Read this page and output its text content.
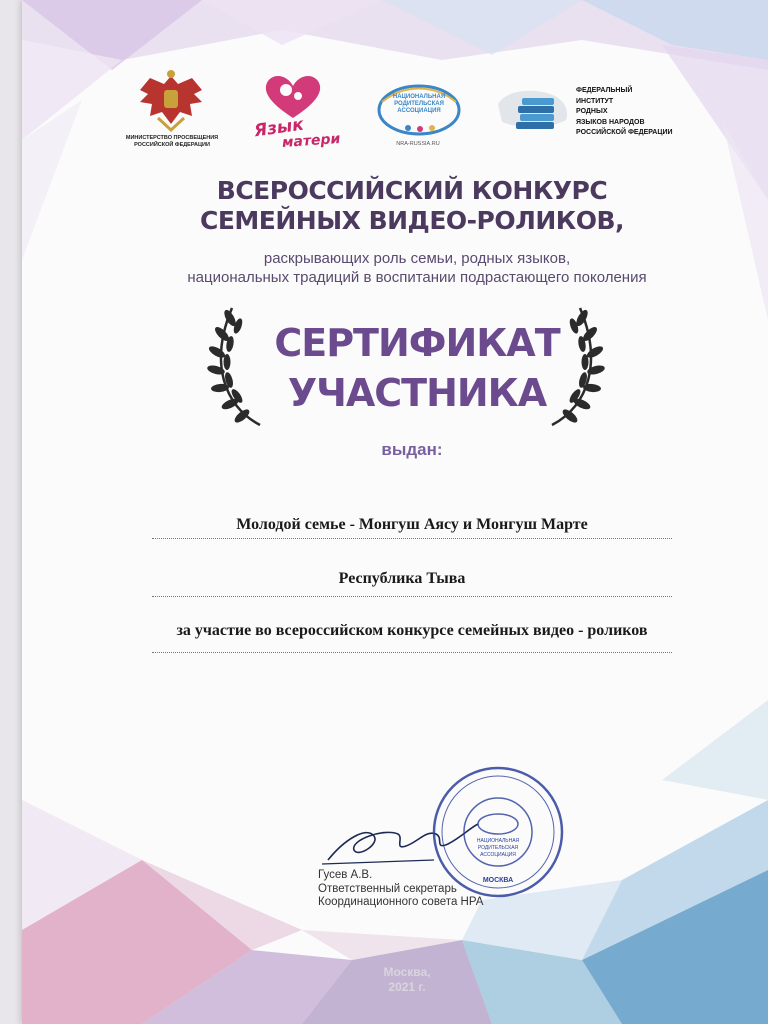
МИНИСТЕРСТВО ПРОСВЕЩЕНИЯ
РОССИЙСКОЙ ФЕДЕРАЦИИ
Язык
матери
НАЦИОНАЛЬНАЯ
РОДИТЕЛЬСКАЯ
АССОЦИАЦИЯ
NRA-RUSSIA.RU
ФЕДЕРАЛЬНЫЙ
ИНСТИТУТ
РОДНЫХ
ЯЗЫКОВ НАРОДОВ
РОССИЙСКОЙ ФЕДЕРАЦИИ
ВСЕРОССИЙСКИЙ КОНКУРС
СЕМЕЙНЫХ ВИДЕО-РОЛИКОВ,
раскрывающих роль семьи, родных языков,
национальных традиций в воспитании подрастающего поколения
СЕРТИФИКАТ
УЧАСТНИКА
выдан:
Молодой семье - Монгуш Аясу и Монгуш Марте
Республика Тыва
за участие во всероссийском конкурсе семейных видео - роликов
Гусев А.В.
Ответственный секретарь
Координационного совета НРА
НАЦИОНАЛЬНАЯ
РОДИТЕЛЬСКАЯ
АССОЦИАЦИЯ
МОСКВА
Москва,
2021 г.
